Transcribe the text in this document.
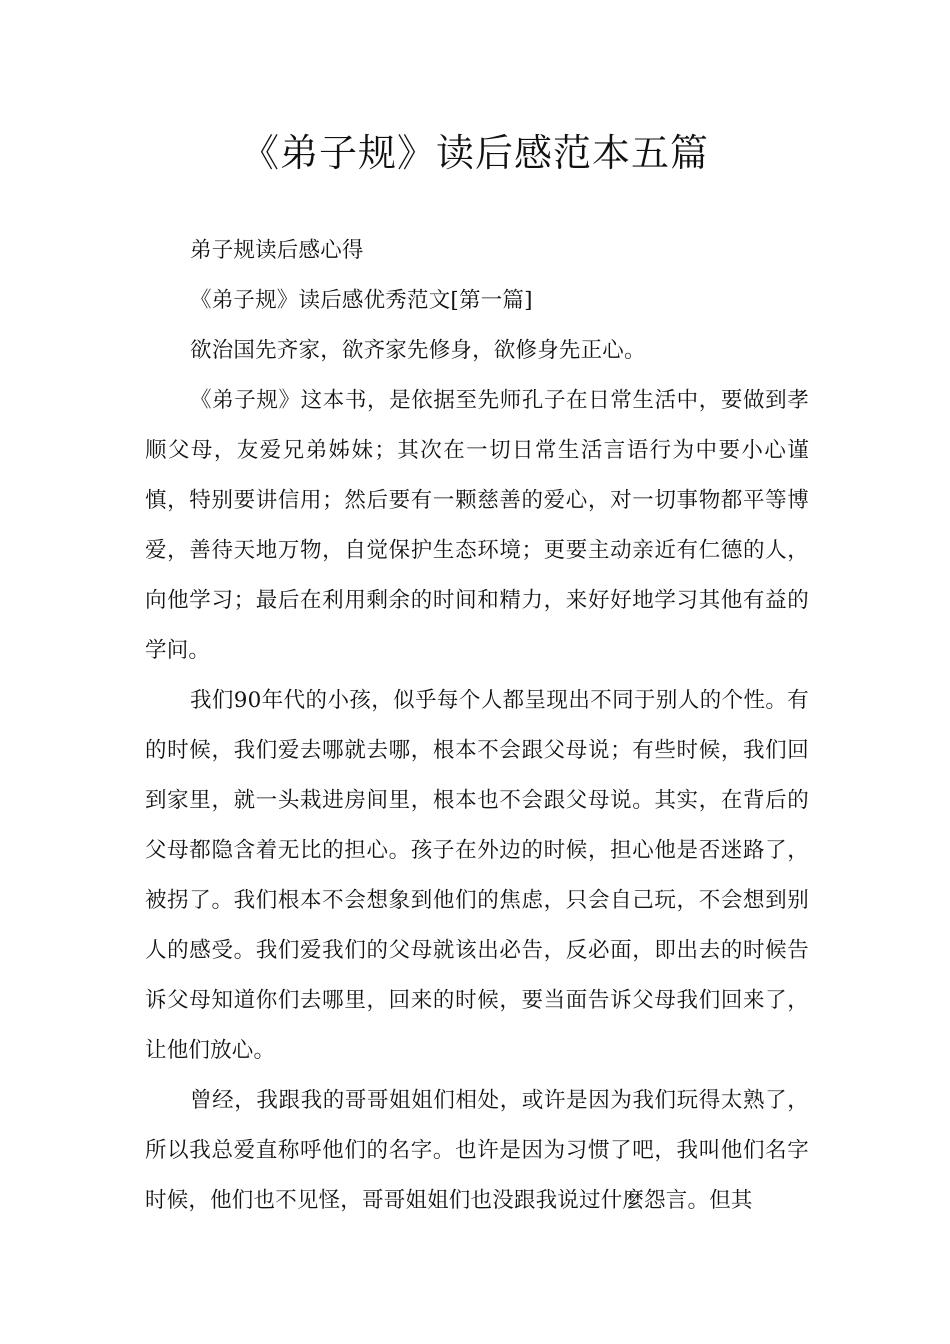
《弟子规》读后感范本五篇

弟子规读后感心得

《弟子规》读后感优秀范文[第一篇]

欲治国先齐家，欲齐家先修身，欲修身先正心。

《弟子规》这本书，是依据至先师孔子在日常生活中，要做到孝顺父母，友爱兄弟姊妹；其次在一切日常生活言语行为中要小心谨慎，特别要讲信用；然后要有一颗慈善的爱心，对一切事物都平等博爱，善待天地万物，自觉保护生态环境；更要主动亲近有仁德的人，向他学习；最后在利用剩余的时间和精力，来好好地学习其他有益的学问。

我们90年代的小孩，似乎每个人都呈现出不同于别人的个性。有的时候，我们爱去哪就去哪，根本不会跟父母说；有些时候，我们回到家里，就一头栽进房间里，根本也不会跟父母说。其实，在背后的父母都隐含着无比的担心。孩子在外边的时候，担心他是否迷路了，被拐了。我们根本不会想象到他们的焦虑，只会自己玩，不会想到别人的感受。我们爱我们的父母就该出必告，反必面，即出去的时候告诉父母知道你们去哪里，回来的时候，要当面告诉父母我们回来了，让他们放心。

曾经，我跟我的哥哥姐姐们相处，或许是因为我们玩得太熟了，所以我总爱直称呼他们的名字。也许是因为习惯了吧，我叫他们名字时候，他们也不见怪，哥哥姐姐们也没跟我说过什麼怨言。但其
